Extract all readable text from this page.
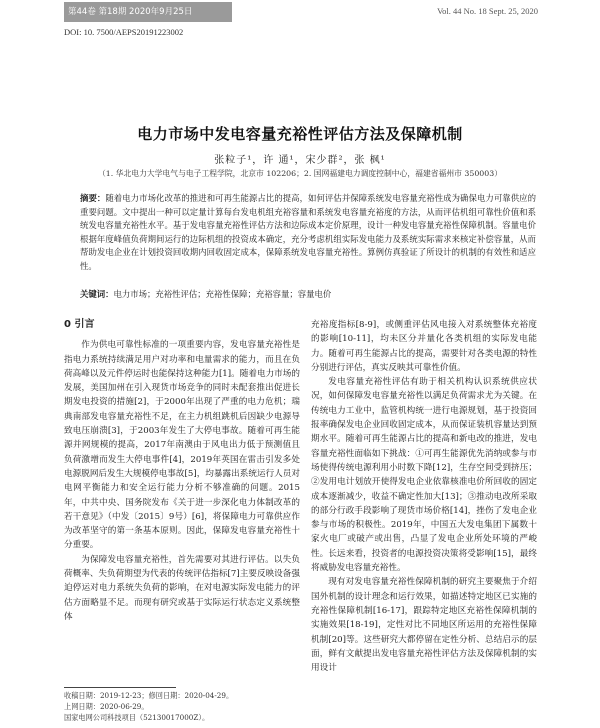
第44卷 第18期 2020年9月25日	Vol. 44 No. 18 Sept. 25, 2020
DOI: 10. 7500/AEPS20191223002
电力市场中发电容量充裕性评估方法及保障机制
张粒子¹，许 通¹，宋少群²，张 枫¹
（1. 华北电力大学电气与电子工程学院，北京市 102206；2. 国网福建电力调度控制中心，福建省福州市 350003）
摘要：随着电力市场化改革的推进和可再生能源占比的提高，如何评估并保障系统发电容量充裕性成为确保电力可靠供应的重要问题。文中提出一种可以定量计算每台发电机组充裕容量和系统发电容量充裕度的方法，从而评估机组可靠性价值和系统发电容量充裕性水平。基于发电容量充裕性评估方法和边际成本定价原理，设计一种发电容量充裕性保障机制。容量电价根据年度峰值负荷期间运行的边际机组的投资成本确定，充分考虑机组实际发电能力及系统实际需求来核定补偿容量，从而帮助发电企业在计划投资回收期内回收固定成本，保障系统发电容量充裕性。算例仿真验证了所设计的机制的有效性和适应性。
关键词：电力市场；充裕性评估；充裕性保障；充裕容量；容量电价
0 引言

作为供电可靠性标准的一项重要内容，发电容量充裕性是指电力系统持续满足用户对功率和电量需求的能力，而且在负荷高峰以及元件停运时也能保持这种能力[1]。随着电力市场的发展，美国加州在引入现货市场竞争的同时未配套推出促进长期发电投资的措施[2]，于2000年出现了严重的电力危机；瑞典南部发电容量充裕性不足，在主力机组跳机后因缺少电源导致电压崩溃[3]，于2003年发生了大停电事故。随着可再生能源并网规模的提高，2017年南澳由于风电出力低于预测值且负荷激增而发生大停电事件[4]，2019年英国在雷击引发多处电源脱网后发生大规模停电事故[5]，均暴露出系统运行人员对电网平衡能力和安全运行能力分析不够准确的问题。2015年，中共中央、国务院发布《关于进一步深化电力体制改革的若干意见》（中发〔2015〕9号）[6]，将保障电力可靠供应作为改革坚守的第一条基本原则。因此，保障发电容量充裕性十分重要。

为保障发电容量充裕性，首先需要对其进行评估。以失负荷概率、失负荷期望为代表的传统评估指标[7]主要反映设备强迫停运对电力系统失负荷的影响，在对电源实际发电能力的评估方面略显不足。而现有研究或基于实际运行状态定义系统整体

充裕度指标[8-9]，或侧重评估风电接入对系统整体充裕度的影响[10-11]，均未区分并量化各类机组的实际发电能力。随着可再生能源占比的提高，需要针对各类电源的特性分别进行评估，真实反映其可靠性价值。

发电容量充裕性评估有助于相关机构认识系统供应状况，如何保障发电容量充裕性以满足负荷需求尤为关键。在传统电力工业中，监管机构统一进行电源规划，基于投资回报率确保发电企业回收固定成本，从而保证装机容量达到预期水平。随着可再生能源占比的提高和新电改的推进，发电容量充裕性面临如下挑战：①可再生能源优先消纳或参与市场使得传统电源利用小时数下降[12]，生存空间受到挤压；②发用电计划放开使得发电企业依靠核准电价所回收的固定成本逐渐减少，收益不确定性加大[13]；③推动电改所采取的部分行政手段影响了现货市场价格[14]，挫伤了发电企业参与市场的积极性。2019年，中国五大发电集团下属数十家火电厂或破产或出售，凸显了发电企业所处环境的严峻性。长远来看，投资者的电源投资决策将受影响[15]，最终将威胁发电容量充裕性。

现有对发电容量充裕性保障机制的研究主要聚焦于介绍国外机制的设计理念和运行效果，如描述特定地区已实施的充裕性保障机制[16-17]，跟踪特定地区充裕性保障机制的实施效果[18-19]，定性对比不同地区所运用的充裕性保障机制[20]等。这些研究大都停留在定性分析、总结启示的层面，鲜有文献提出发电容量充裕性评估方法及保障机制的实用设计

收稿日期：2019-12-23；修回日期：2020-04-29。
上网日期：2020-06-29。
国家电网公司科技项目（52130017000Z）。
